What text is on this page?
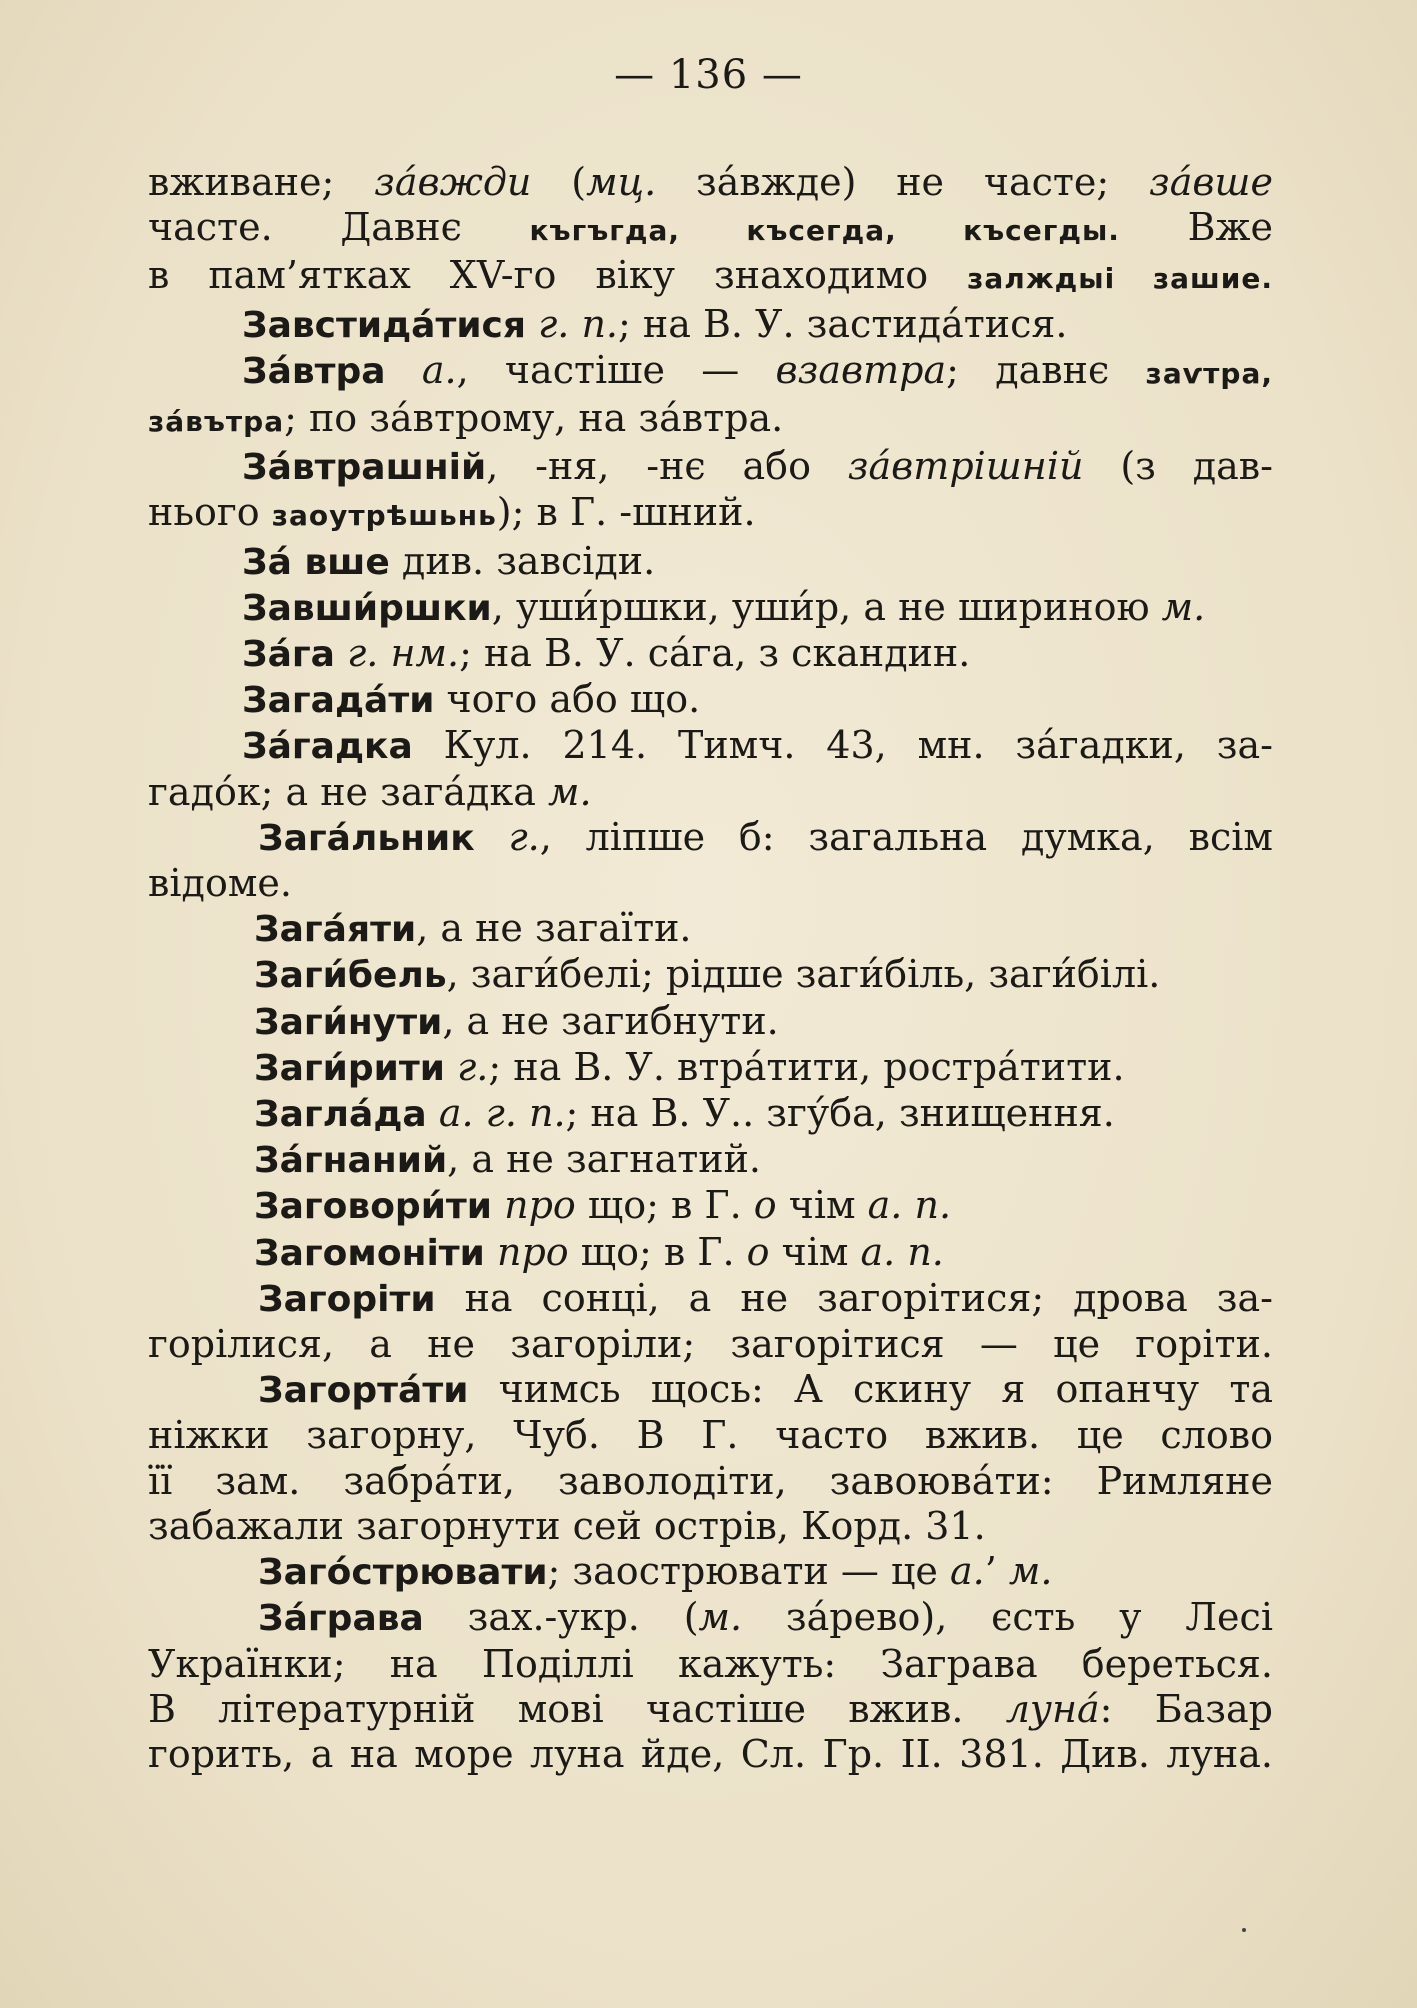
— 136 —
вживане; за́вжди (мц. за́вжде) не часте; за́вше
часте. Давнє къгъгда, късегда, късегды. Вже
в пам’ятках XV-го віку знаходимо залждыі зашие.
Завстида́тися г. п.; на В. У. застида́тися.
За́втра а., частіше — взавтра; давнє заѵтра,
за́вътра; по за́втрому, на за́втра.
За́втрашній, -ня, -нє або за́втрішній (з дав-
нього заоутрѣшьнь); в Г. -шний.
За́ вше див. завсіди.
Завши́ршки, уши́ршки, уши́р, а не шириною м.
За́га г. нм.; на В. У. са́га, з скандин.
Загада́ти чого або що.
За́гадка Кул. 214. Тимч. 43, мн. за́гадки, за-
гадо́к; а не зага́дка м.
Зага́льник г., ліпше б: загальна думка, всім
відоме.
Зага́яти, а не загаїти.
Заги́бель, заги́белі; рідше заги́біль, заги́білі.
Заги́нути, а не загибнути.
Заги́рити г.; на В. У. втра́тити, ростра́тити.
Загла́да а. г. п.; на В. У.. згу́ба, знищення.
За́гнаний, а не загнатий.
Заговори́ти про що; в Г. о чім а. п.
Загомоніти про що; в Г. о чім а. п.
Загоріти на сонці, а не загорітися; дрова за-
горілися, а не загоріли; загорітися — це горіти.
Загорта́ти чимсь щось: А скину я опанчу та
ніжки загорну, Чуб. В Г. часто вжив. це слово
її зам. забра́ти, заволодіти, завоюва́ти: Римляне
забажали загорнути сей острів, Корд. 31.
Заго́стрювати; заострювати — це а.’ м.
За́грава зах.-укр. (м. за́рево), єсть у Лесі
Українки; на Поділлі кажуть: Заграва береться.
В літературній мові частіше вжив. луна́: Базар
горить, а на море луна йде, Сл. Гр. II. 381. Див. луна.
